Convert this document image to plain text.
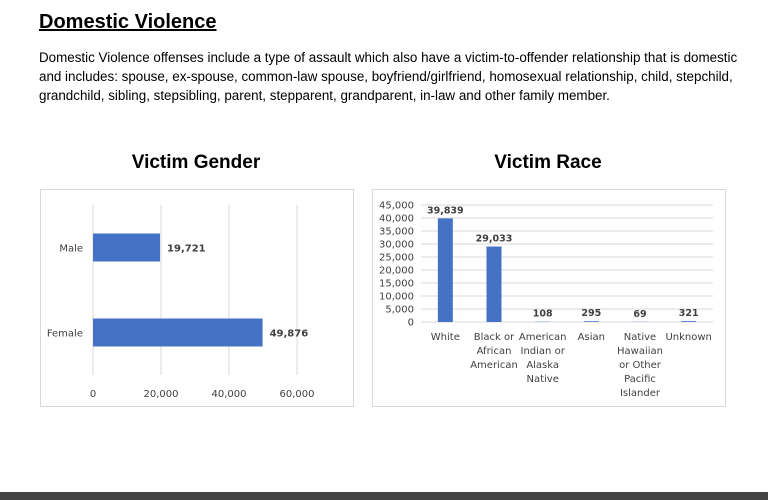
Domestic Violence
Domestic Violence offenses include a type of assault which also have a victim-to-offender relationship that is domestic and includes: spouse, ex-spouse, common-law spouse, boyfriend/girlfriend, homosexual relationship, child, stepchild, grandchild, sibling, stepsibling, parent, stepparent, grandparent, in-law and other family member.
Victim Gender
0	20,000	40,000	60,000
Male	19,721
Female	49,876
Victim Race
0
5,000
10,000
15,000
20,000
25,000
30,000
35,000
40,000
45,000 39,839
White
29,033
Black or
African
American
108
American
Indian or
Alaska
Native
295
Asian
69
Native
Hawaiian
or Other
Pacific
Islander
321
Unknown
